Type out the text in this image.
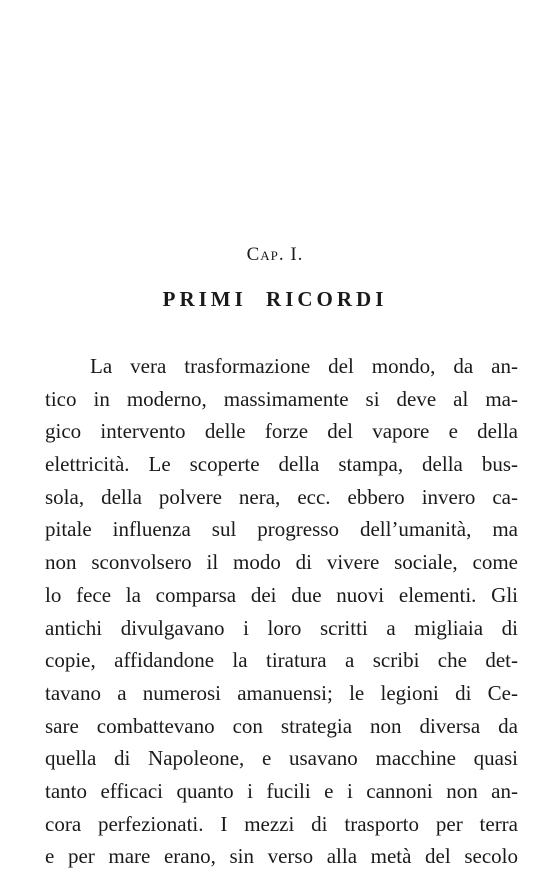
Cap. I.
PRIMI RICORDI
La vera trasformazione del mondo, da an-
tico in moderno, massimamente si deve al ma-
gico intervento delle forze del vapore e della
elettricità. Le scoperte della stampa, della bus-
sola, della polvere nera, ecc. ebbero invero ca-
pitale influenza sul progresso dell’umanità, ma
non sconvolsero il modo di vivere sociale, come
lo fece la comparsa dei due nuovi elementi. Gli
antichi divulgavano i loro scritti a migliaia di
copie, affidandone la tiratura a scribi che det-
tavano a numerosi amanuensi; le legioni di Ce-
sare combattevano con strategia non diversa da
quella di Napoleone, e usavano macchine quasi
tanto efficaci quanto i fucili e i cannoni non an-
cora perfezionati. I mezzi di trasporto per terra
e per mare erano, sin verso alla metà del secolo
